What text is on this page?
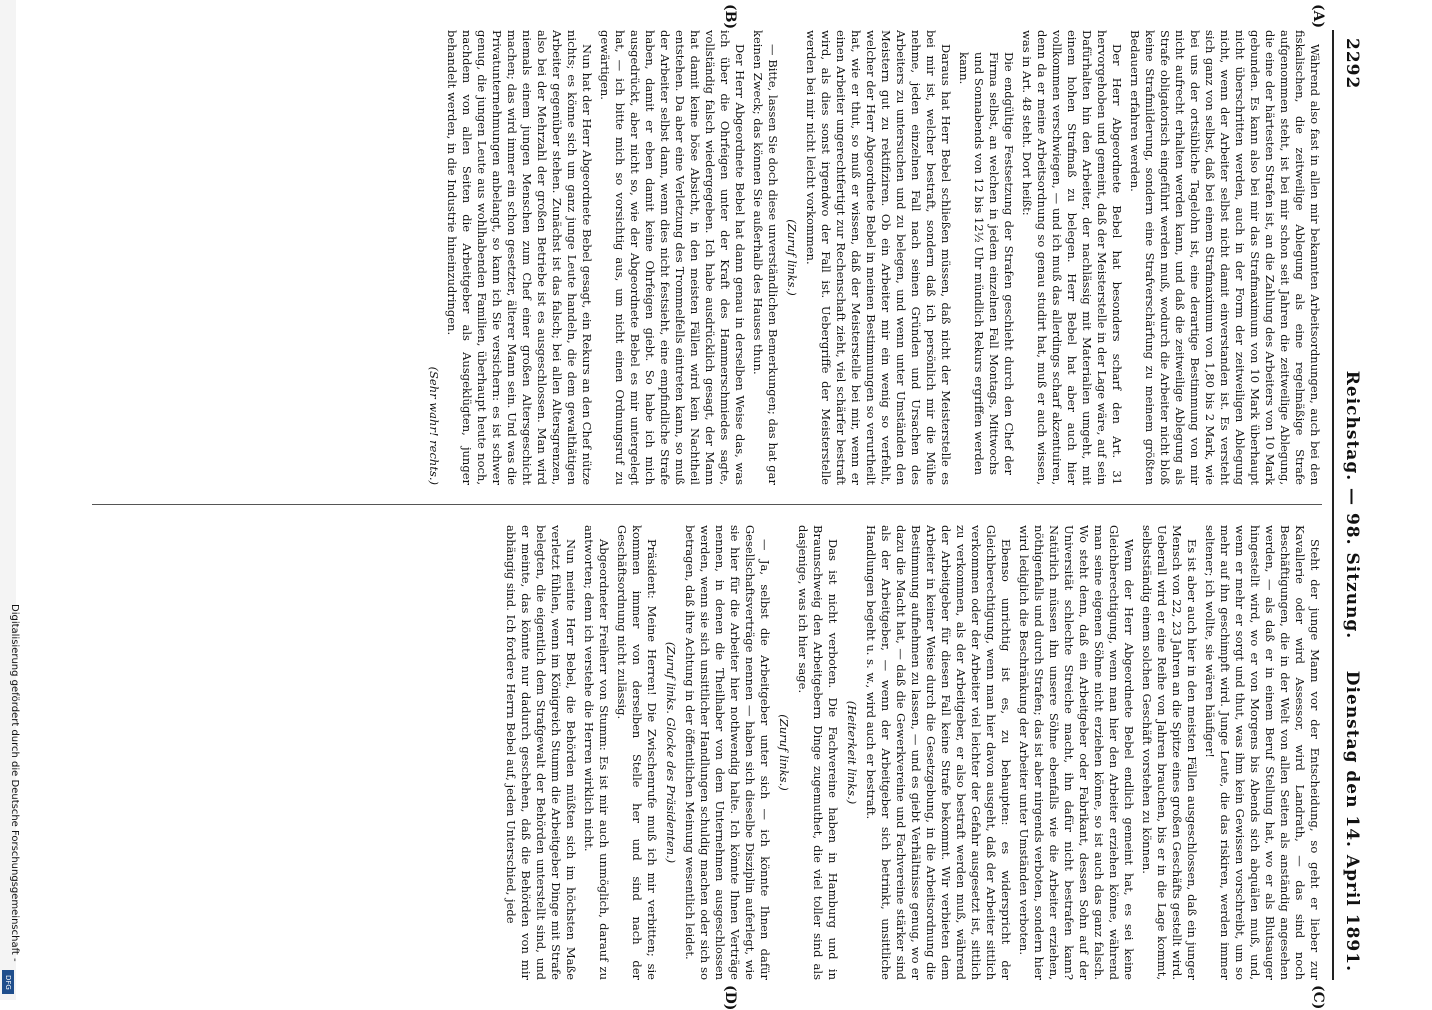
Digitalisierung gefördert durch die Deutsche Forschungsgemeinschaft -
DFG
2292
Reichstag. — 98. Sitzung.
Dienstag den 14. April 1891.
(A)
(B)
(C)
(D)

Während also fast in allen mir bekannten Arbeitsordnungen, auch bei den fiskalischen, die zeitweilige Ablegung als eine regelmäßige Strafe aufgenommen steht, ist bei mir schon seit Jahren die zeitweilige Ablegung, die eine der härtesten Strafen ist, an die Zahlung des Arbeiters von 10 Mark gebunden. Es kann also bei mir das Strafmaximum von 10 Mark überhaupt nicht überschritten werden, auch in der Form der zeitweiligen Ablegung nicht, wenn der Arbeiter selbst nicht damit einverstanden ist. Es versteht sich ganz von selbst, daß bei einem Strafmaximum von 1,80 bis 2 Mark, wie bei uns der ortsübliche Tagelohn ist, eine derartige Bestimmung von mir nicht aufrecht erhalten werden kann, und daß die zeitweilige Ablegung als Strafe obligatorisch eingeführt werden muß, wodurch die Arbeiter nicht bloß keine Strafmilderung, sondern eine Strafverschärfung zu meinem größten Bedauern erfahren werden.

Der Herr Abgeordnete Bebel hat besonders scharf den Art. 31 hervorgehoben und gemeint, daß der Meisterstelle in der Lage wäre, auf sein Dafürhalten hin den Arbeiter, der nachlässig mit Materialien umgeht, mit einem hohen Strafmaß zu belegen. Herr Bebel hat aber auch hier vollkommen verschwiegen, — und ich muß das allerdings scharf akzentuiren, denn da er meine Arbeitsordnung so genau studirt hat, muß er auch wissen, was in Art. 48 steht. Dort heißt:

Die endgültige Festsetzung der Strafen geschieht durch den Chef der Firma selbst, an welchen in jedem einzelnen Fall Montags, Mittwochs und Sonnabends von 12 bis 12½ Uhr mündlich Rekurs ergriffen werden kann.

Daraus hat Herr Bebel schließen müssen, daß nicht der Meisterstelle es bei mir ist, welcher bestraft, sondern daß ich persönlich mir die Mühe nehme, jeden einzelnen Fall nach seinen Gründen und Ursachen des Arbeiters zu untersuchen und zu belegen, und wenn unter Umständen den Meistern gut zu rektifiziren. Ob ein Arbeiter mir ein wenig so verfehlt, welcher der Herr Abgeordnete Bebel in meinen Bestimmungen so verurtheilt hat, wie er thut, so muß er wissen, daß der Meisterstelle bei mir, wenn er einen Arbeiter ungerechtfertigt zur Rechenschaft zieht, viel schärfer bestraft wird, als dies sonst irgendwo der Fall ist. Uebergriffe der Meisterstelle werden bei mir nicht leicht vorkommen.

(Zuruf links.)

— Bitte, lassen Sie doch diese unverständlichen Bemerkungen; das hat gar keinen Zweck; das können Sie außerhalb des Hauses thun.

Der Herr Abgeordnete Bebel hat dann genau in derselben Weise das, was ich über die Ohrfeigen unter der Kraft des Hammerschmiedes sagte, vollständig falsch wiedergegeben. Ich habe ausdrücklich gesagt, der Mann hat damit keine böse Absicht, in den meisten Fällen wird kein Nachtheil entstehen. Da aber eine Verletzung des Trommelfells eintreten kann, so muß der Arbeiter selbst dann, wenn dies nicht festsieht, eine empfindliche Strafe haben, damit er eben damit keine Ohrfeigen giebt. So habe ich mich ausgedrückt, aber nicht so, wie der Abgeordnete Bebel es mir untergelegt hat, — ich bitte mich so vorsichtig aus, um nicht einen Ordnungsruf zu gewärtigen.

Nun hat der Herr Abgeordnete Bebel gesagt, ein Rekurs an den Chef nütze nichts; es könne sich um ganz junge Leute handeln, die dem gewalthätigen Arbeiter gegenüber stehen. Zunächst ist das falsch; bei allen Altersgrenzen, also bei der Mehrzahl der großen Betriebe ist es ausgeschlossen. Man wird niemals einem jungen Menschen zum Chef einer großen Altersgeschicht machen; das wird immer ein schon gesetzter, älterer Mann sein. Und was die Privatunternehmungen anbelangt, so kann ich Sie versichern: es ist schwer genug, die jungen Leute aus wohlhabenden Familien, überhaupt heute noch, nachdem von allen Seiten die Arbeitgeber als Ausgeklügten, junger behandelt werden, in die Industrie hineinzudringen.

(Sehr wahr! rechts.)

Steht der junge Mann vor der Entscheidung, so geht er lieber zur Kavallerie oder wird Assessor, wird Landrath, — das sind noch Beschäftigungen, die in der Welt von allen Seiten als anständig angesehen werden, — als daß er in einem Beruf Stellung hat, wo er als Blutsauger hingestellt wird, wo er von Morgens bis Abends sich abquälen muß, und, wenn er mehr er sorgt und thut, was ihm kein Gewissen vorschreibt, um so mehr auf ihn geschimpft wird. Junge Leute, die das riskiren, werden immer seltener; ich wollte, sie wären häufiger!

Es ist aber auch hier in den meisten Fällen ausgeschlossen, daß ein junger Mensch von 22, 23 Jahren an die Spitze eines großen Geschäfts gestellt wird. Ueberall wird er eine Reihe von Jahren brauchen, bis er in die Lage kommt, selbstständig einem solchen Geschäft vorstehen zu können.

Wenn der Herr Abgeordnete Bebel endlich gemeint hat, es sei keine Gleichberechtigung, wenn man hier den Arbeiter erziehen könne, während man seine eigenen Söhne nicht erziehen könne, so ist auch das ganz falsch. Wo steht denn, daß ein Arbeitgeber oder Fabrikant, dessen Sohn auf der Universität schlechte Streiche macht, ihn dafür nicht bestrafen kann? Natürlich müssen ihn unsere Söhne ebenfalls wie die Arbeiter erziehen, nöthigenfalls und durch Strafen; das ist aber nirgends verboten, sondern hier wird lediglich die Beschränkung der Arbeiter unter Umständen verboten.

Ebenso unrichtig ist es, zu behaupten: es widerspricht der Gleichberechtigung, wenn man hier davon ausgeht, daß der Arbeiter sittlich verkommen oder der Arbeiter viel leichter der Gefahr ausgesetzt ist, sittlich zu verkommen, als der Arbeitgeber, er also bestraft werden muß, während der Arbeitgeber für diesen Fall keine Strafe bekommt. Wir verbieten dem Arbeiter in keiner Weise durch die Gesetzgebung, in die Arbeitsordnung die Bestimmung aufnehmen zu lassen, — und es giebt Verhältnisse genug, wo er dazu die Macht hat, — daß die Gewerkvereine und Fachvereine stärker sind als der Arbeitgeber, — wenn der Arbeitgeber sich betrinkt, unsittliche Handlungen begeht u. s. w., wird auch er bestraft.

(Heiterkeit links.)

Das ist nicht verboten. Die Fachvereine haben in Hamburg und in Braunschweig den Arbeitgebern Dinge zugemuthet, die viel toller sind als dasjenige, was ich hier sage.

(Zuruf links.)

— Ja, selbst die Arbeitgeber unter sich — ich könnte Ihnen dafür Gesellschaftsverträge nennen — haben sich dieselbe Disziplin auferlegt, wie sie hier für die Arbeiter hier nothwendig halte. Ich könnte Ihnen Verträge nennen, in denen die Theilhaber von dem Unternehmen ausgeschlossen werden, wenn sie sich unsittlicher Handlungen schuldig machen oder sich so betragen, daß ihre Achtung in der öffentlichen Meinung wesentlich leidet.

(Zuruf links. Glocke des Präsidenten.)

Präsident: Meine Herren! Die Zwischenrufe muß ich mir verbitten; sie kommen immer von derselben Stelle her und sind nach der Geschäftsordnung nicht zulässig.

Abgeordneter Freiherr von Stumm: Es ist mir auch unmöglich, darauf zu antworten; denn ich verstehe die Herren wirklich nicht.

Nun meinte Herr Bebel, die Behörden müßten sich im höchsten Maße verletzt fühlen, wenn im Königreich Stumm die Arbeitgeber Dinge mit Strafe belegten, die eigentlich dem Strafgewalt der Behörden unterstellt sind, und er meinte, das könnte nur dadurch geschehen, daß die Behörden von mir abhängig sind. Ich fordere Herrn Bebel auf, jeden Unterschied, jede
